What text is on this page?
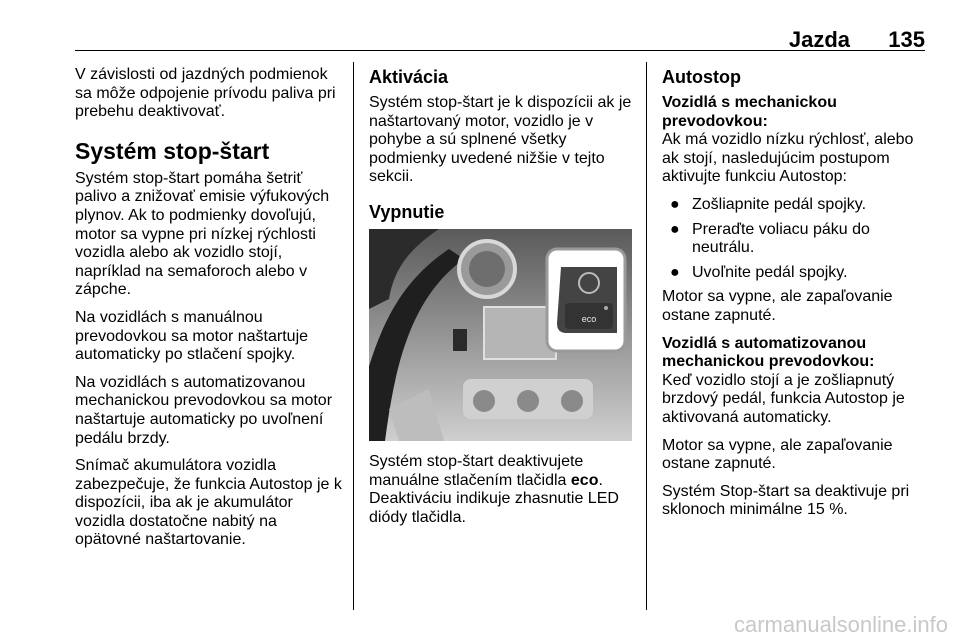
Jazda 135

V závislosti od jazdných podmienok sa môže odpojenie prívodu paliva pri prebehu deaktivovať.

Systém stop-štart

Systém stop-štart pomáha šetriť palivo a znižovať emisie výfukových plynov. Ak to podmienky dovoľujú, motor sa vypne pri nízkej rýchlosti vozidla alebo ak vozidlo stojí, napríklad na semaforoch alebo v zápche.

Na vozidlách s manuálnou prevodovkou sa motor naštartuje automaticky po stlačení spojky.

Na vozidlách s automatizovanou mechanickou prevodovkou sa motor naštartuje automaticky po uvoľnení pedálu brzdy.

Snímač akumulátora vozidla zabezpečuje, že funkcia Autostop je k dispozícii, iba ak je akumulátor vozidla dostatočne nabitý na opätovné naštartovanie.

Aktivácia

Systém stop-štart je k dispozícii ak je naštartovaný motor, vozidlo je v pohybe a sú splnené všetky podmienky uvedené nižšie v tejto sekcii.

Vypnutie
eco

Systém stop-štart deaktivujete manuálne stlačením tlačidla eco. Deaktiváciu indikuje zhasnutie LED diódy tlačidla.

Autostop
Vozidlá s mechanickou prevodovkou:

Ak má vozidlo nízku rýchlosť, alebo ak stojí, nasledujúcim postupom aktivujte funkciu Autostop:

● Zošliapnite pedál spojky.
● Preraďte voliacu páku do neutrálu.
● Uvoľnite pedál spojky.

Motor sa vypne, ale zapaľovanie ostane zapnuté.

Vozidlá s automatizovanou mechanickou prevodovkou:

Keď vozidlo stojí a je zošliapnutý brzdový pedál, funkcia Autostop je aktivovaná automaticky.

Motor sa vypne, ale zapaľovanie ostane zapnuté.

Systém Stop-štart sa deaktivuje pri sklonoch minimálne 15 %.

carmanualsonline.info
